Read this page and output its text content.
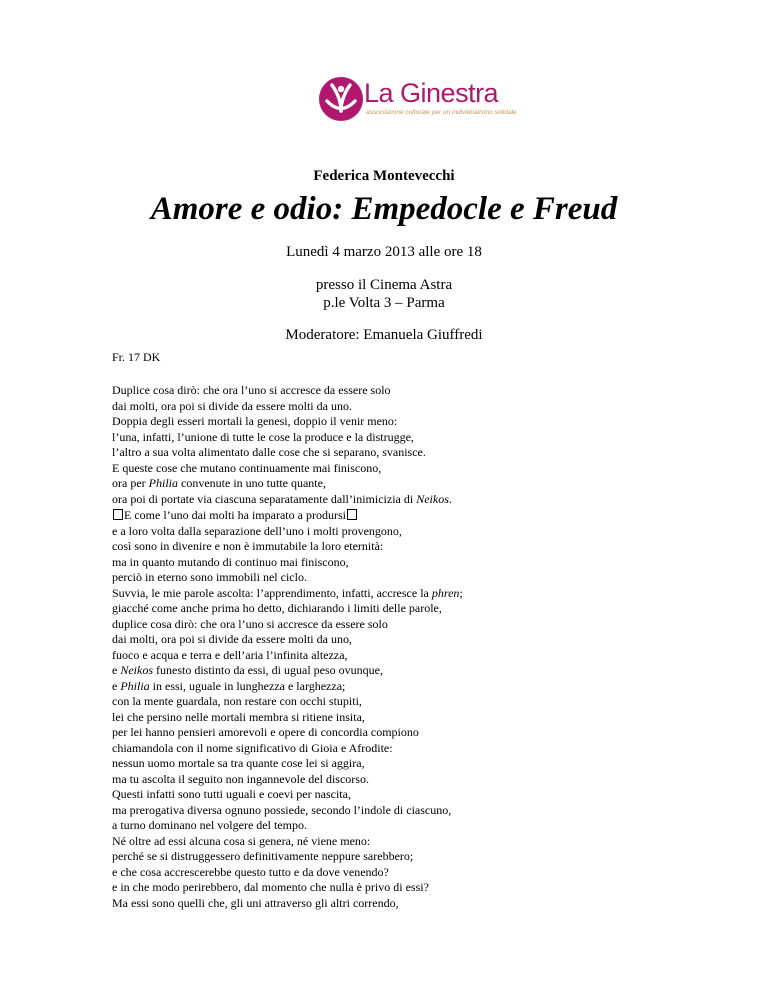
La Ginestra
associazione culturale per un individualismo solidale
Federica Montevecchi
Amore e odio: Empedocle e Freud
Lunedì 4 marzo 2013 alle ore 18
presso il Cinema Astra
p.le Volta 3 – Parma
Moderatore: Emanuela Giuffredi
Fr. 17 DK
Duplice cosa dirò: che ora l’uno si accresce da essere solo
dai molti, ora poi si divide da essere molti da uno.
Doppia degli esseri mortali la genesi, doppio il venir meno:
l’una, infatti, l’unione di tutte le cose la produce e la distrugge,
l’altro a sua volta alimentato dalle cose che si separano, svanisce.
E queste cose che mutano continuamente mai finiscono,
ora per Philia convenute in uno tutte quante,
ora poi di portate via ciascuna separatamente dall’inimicizia di Neikos.
E come l’uno dai molti ha imparato a prodursi
e a loro volta dalla separazione dell’uno i molti provengono,
così sono in divenire e non è immutabile la loro eternità:
ma in quanto mutando di continuo mai finiscono,
perciò in eterno sono immobili nel ciclo.
Suvvia, le mie parole ascolta: l’apprendimento, infatti, accresce la phren;
giacché come anche prima ho detto, dichiarando i limiti delle parole,
duplice cosa dirò: che ora l’uno si accresce da essere solo
dai molti, ora poi si divide da essere molti da uno,
fuoco e acqua e terra e dell’aria l’infinita altezza,
e Neikos funesto distinto da essi, di ugual peso ovunque,
e Philia in essi, uguale in lunghezza e larghezza;
con la mente guardala, non restare con occhi stupiti,
lei che persino nelle mortali membra si ritiene insita,
per lei hanno pensieri amorevoli e opere di concordia compiono
chiamandola con il nome significativo di Gioia e Afrodite:
nessun uomo mortale sa tra quante cose lei si aggira,
ma tu ascolta il seguito non ingannevole del discorso.
Questi infatti sono tutti uguali e coevi per nascita,
ma prerogativa diversa ognuno possiede, secondo l’indole di ciascuno,
a turno dominano nel volgere del tempo.
Né oltre ad essi alcuna cosa si genera, né viene meno:
perché se si distruggessero definitivamente neppure sarebbero;
e che cosa accrescerebbe questo tutto e da dove venendo?
e in che modo perirebbero, dal momento che nulla è privo di essi?
Ma essi sono quelli che, gli uni attraverso gli altri correndo,
